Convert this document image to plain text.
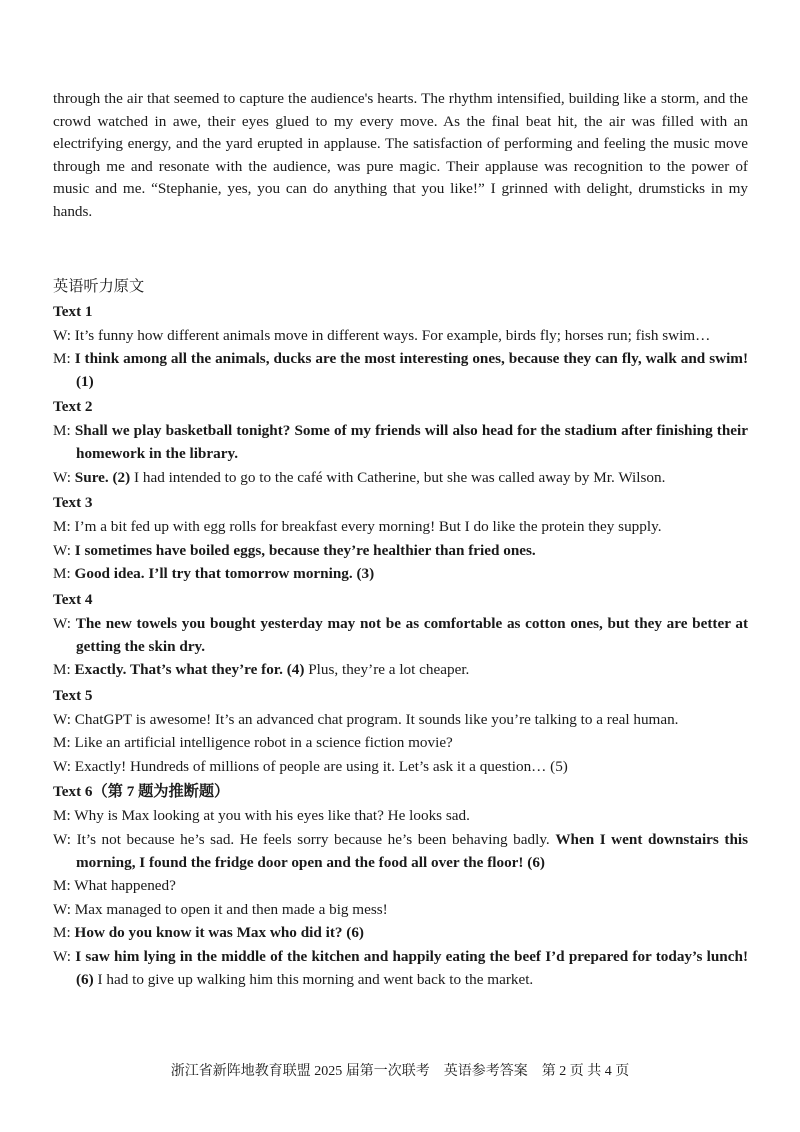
through the air that seemed to capture the audience's hearts. The rhythm intensified, building like a storm, and the crowd watched in awe, their eyes glued to my every move. As the final beat hit, the air was filled with an electrifying energy, and the yard erupted in applause. The satisfaction of performing and feeling the music move through me and resonate with the audience, was pure magic. Their applause was recognition to the power of music and me. “Stephanie, yes, you can do anything that you like!” I grinned with delight, drumsticks in my hands.

英语听力原文
Text 1
W: It’s funny how different animals move in different ways. For example, birds fly; horses run; fish swim…
M: I think among all the animals, ducks are the most interesting ones, because they can fly, walk and swim! (1)
Text 2
M: Shall we play basketball tonight? Some of my friends will also head for the stadium after finishing their homework in the library.
W: Sure. (2) I had intended to go to the café with Catherine, but she was called away by Mr. Wilson.
Text 3
M: I’m a bit fed up with egg rolls for breakfast every morning! But I do like the protein they supply.
W: I sometimes have boiled eggs, because they’re healthier than fried ones.
M: Good idea. I’ll try that tomorrow morning. (3)
Text 4
W: The new towels you bought yesterday may not be as comfortable as cotton ones, but they are better at getting the skin dry.
M: Exactly. That’s what they’re for. (4) Plus, they’re a lot cheaper.
Text 5
W: ChatGPT is awesome! It’s an advanced chat program. It sounds like you’re talking to a real human.
M: Like an artificial intelligence robot in a science fiction movie?
W: Exactly! Hundreds of millions of people are using it. Let’s ask it a question… (5)
Text 6（第 7 题为推断题）
M: Why is Max looking at you with his eyes like that? He looks sad.
W: It’s not because he’s sad. He feels sorry because he’s been behaving badly. When I went downstairs this morning, I found the fridge door open and the food all over the floor! (6)
M: What happened?
W: Max managed to open it and then made a big mess!
M: How do you know it was Max who did it? (6)
W: I saw him lying in the middle of the kitchen and happily eating the beef I’d prepared for today’s lunch! (6) I had to give up walking him this morning and went back to the market.
浙江省新阵地教育联盟 2025 届第一次联考　英语参考答案　第 2 页 共 4 页
